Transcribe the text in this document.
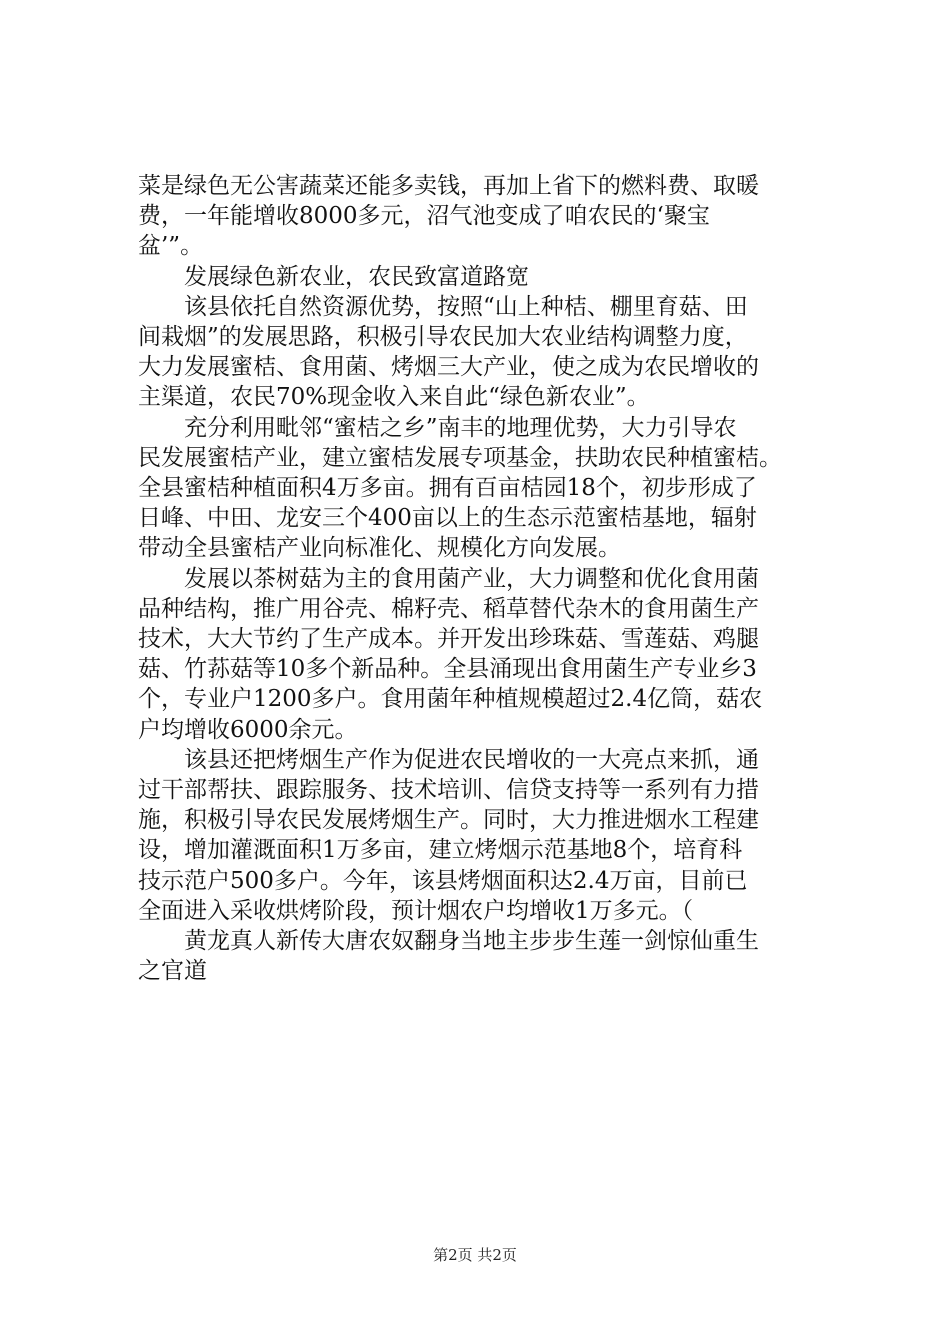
菜是绿色无公害蔬菜还能多卖钱，再加上省下的燃料费、取暖
费，一年能增收8000多元，沼气池变成了咱农民的‘聚宝
盆’”。

发展绿色新农业，农民致富道路宽

该县依托自然资源优势，按照“山上种桔、棚里育菇、田
间栽烟”的发展思路，积极引导农民加大农业结构调整力度，
大力发展蜜桔、食用菌、烤烟三大产业，使之成为农民增收的
主渠道，农民70%现金收入来自此“绿色新农业”。

充分利用毗邻“蜜桔之乡”南丰的地理优势，大力引导农
民发展蜜桔产业，建立蜜桔发展专项基金，扶助农民种植蜜桔。
全县蜜桔种植面积4万多亩。拥有百亩桔园18个，初步形成了
日峰、中田、龙安三个400亩以上的生态示范蜜桔基地，辐射
带动全县蜜桔产业向标准化、规模化方向发展。

发展以茶树菇为主的食用菌产业，大力调整和优化食用菌
品种结构，推广用谷壳、棉籽壳、稻草替代杂木的食用菌生产
技术，大大节约了生产成本。并开发出珍珠菇、雪莲菇、鸡腿
菇、竹荪菇等10多个新品种。全县涌现出食用菌生产专业乡3
个，专业户1200多户。食用菌年种植规模超过2.4亿筒，菇农
户均增收6000余元。

该县还把烤烟生产作为促进农民增收的一大亮点来抓，通
过干部帮扶、跟踪服务、技术培训、信贷支持等一系列有力措
施，积极引导农民发展烤烟生产。同时，大力推进烟水工程建
设，增加灌溉面积1万多亩，建立烤烟示范基地8个，培育科
技示范户500多户。今年，该县烤烟面积达2.4万亩，目前已
全面进入采收烘烤阶段，预计烟农户均增收1万多元。（

黄龙真人新传大唐农奴翻身当地主步步生莲一剑惊仙重生
之官道

第2页 共2页
